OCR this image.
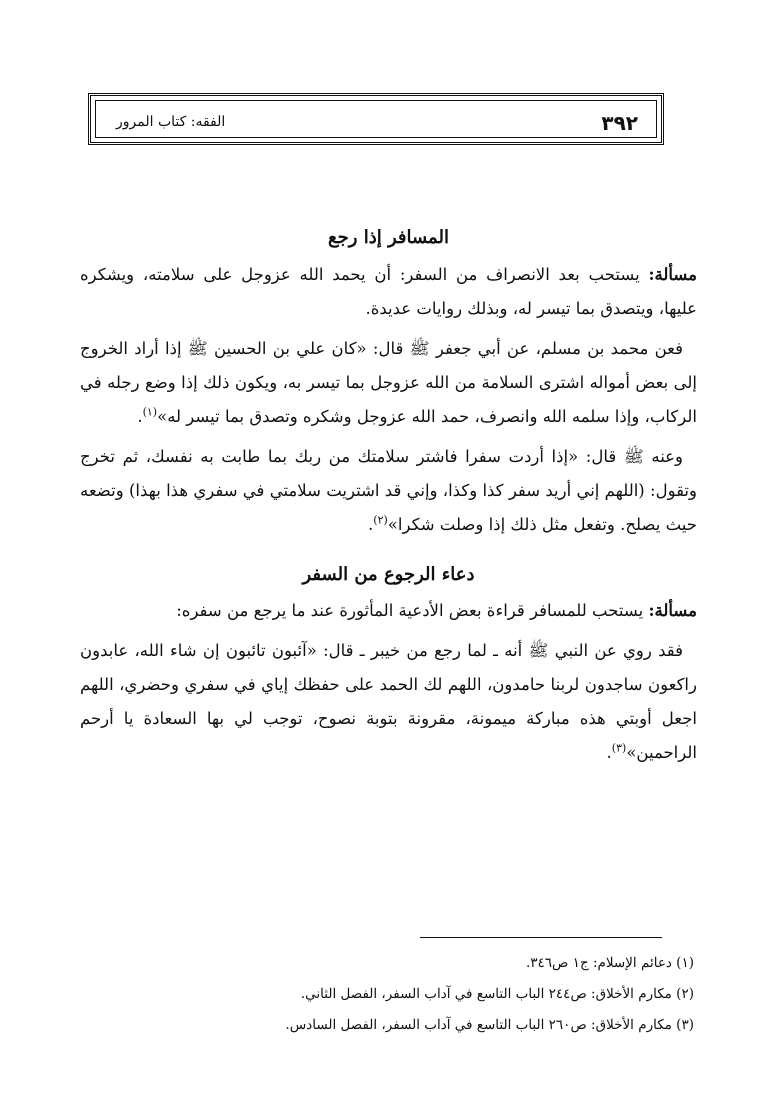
٣٩٢
الفقه: كتاب المرور
المسافر إذا رجع

مسألة: يستحب بعد الانصراف من السفر: أن يحمد الله عزوجل على سلامته، ويشكره عليها، ويتصدق بما تيسر له، وبذلك روايات عديدة.

فعن محمد بن مسلم، عن أبي جعفر ﷺ قال: «كان علي بن الحسين ﷺ إذا أراد الخروج إلى بعض أمواله اشترى السلامة من الله عزوجل بما تيسر به، ويكون ذلك إذا وضع رجله في الركاب، وإذا سلمه الله وانصرف، حمد الله عزوجل وشكره وتصدق بما تيسر له»$^{(١)}$.

وعنه ﷺ قال: «إذا أردت سفرا فاشتر سلامتك من ربك بما طابت به نفسك، ثم تخرج وتقول: (اللهم إني أريد سفر كذا وكذا، وإني قد اشتريت سلامتي في سفري هذا بهذا) وتضعه حيث يصلح. وتفعل مثل ذلك إذا وصلت شكرا»$^{(٢)}$.

دعاء الرجوع من السفر

مسألة: يستحب للمسافر قراءة بعض الأدعية المأثورة عند ما يرجع من سفره:

فقد روي عن النبي ﷺ أنه ـ لما رجع من خيبر ـ قال: «آئبون تائبون إن شاء الله، عابدون راكعون ساجدون لربنا حامدون، اللهم لك الحمد على حفظك إياي في سفري وحضري، اللهم اجعل أوبتي هذه مباركة ميمونة، مقرونة بتوبة نصوح، توجب لي بها السعادة يا أرحم الراحمين»$^{(٣)}$.

(١) دعائم الإسلام: ج١ ص٣٤٦.

(٢) مكارم الأخلاق: ص٢٤٤ الباب التاسع في آداب السفر، الفصل الثاني.

(٣) مكارم الأخلاق: ص٢٦٠ الباب التاسع في آداب السفر، الفصل السادس.
